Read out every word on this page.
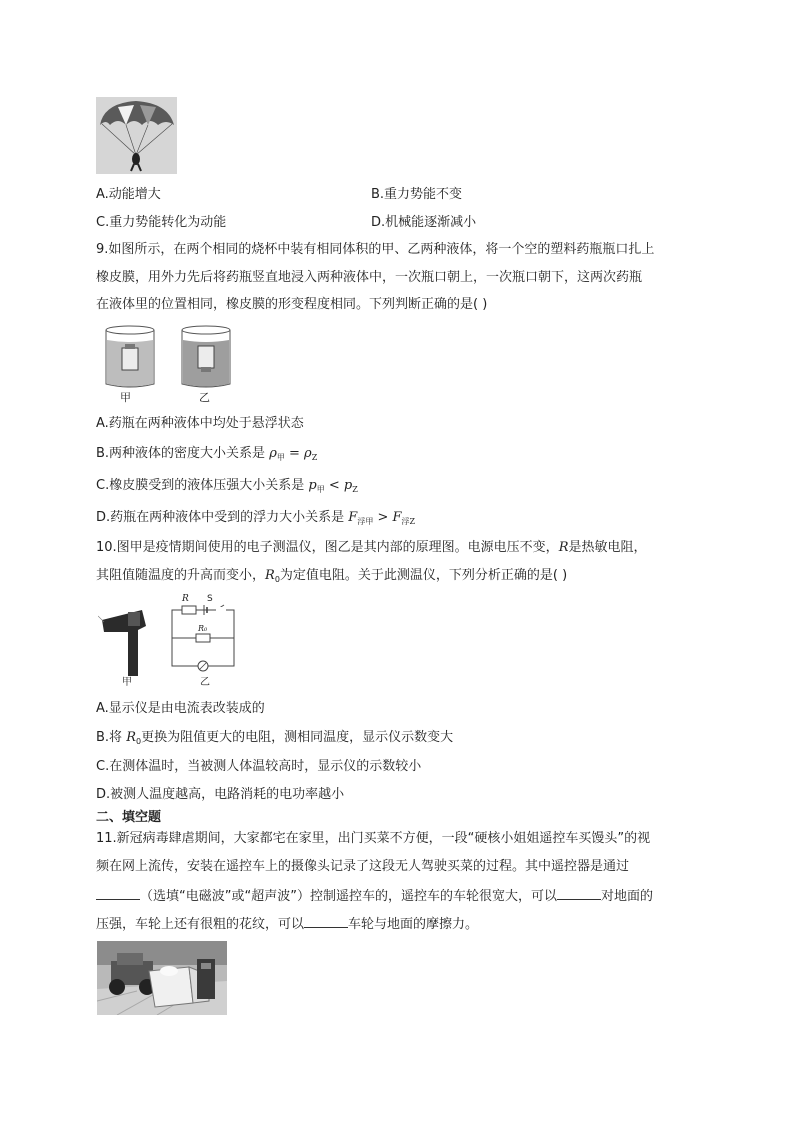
A.动能增大	B.重力势能不变
C.重力势能转化为动能	D.机械能逐渐减小
9.如图所示，在两个相同的烧杯中装有相同体积的甲、乙两种液体，将一个空的塑料药瓶瓶口扎上
橡皮膜，用外力先后将药瓶竖直地浸入两种液体中，一次瓶口朝上，一次瓶口朝下，这两次药瓶
在液体里的位置相同，橡皮膜的形变程度相同。下列判断正确的是( )
甲	乙
A.药瓶在两种液体中均处于悬浮状态
B.两种液体的密度大小关系是 $\rho_甲 = \rho_Z$
C.橡皮膜受到的液体压强大小关系是 $p_甲 < p_Z$
D.药瓶在两种液体中受到的浮力大小关系是 $F_{浮甲} > F_{浮Z}$
10.图甲是疫情期间使用的电子测温仪，图乙是其内部的原理图。电源电压不变，R是热敏电阻，
其阻值随温度的升高而变小，$R_0$为定值电阻。关于此测温仪，下列分析正确的是( )
R S
R₀
甲	乙
A.显示仪是由电流表改装成的
B.将 $R_0$更换为阻值更大的电阻，测相同温度，显示仪示数变大
C.在测体温时，当被测人体温较高时，显示仪的示数较小
D.被测人温度越高，电路消耗的电功率越小
二、填空题
11.新冠病毒肆虐期间，大家都宅在家里，出门买菜不方便，一段“硬核小姐姐遥控车买馒头”的视
频在网上流传，安装在遥控车上的摄像头记录了这段无人驾驶买菜的过程。其中遥控器是通过
（选填“电磁波”或“超声波”）控制遥控车的，遥控车的车轮很宽大，可以	对地面的
压强，车轮上还有很粗的花纹，可以	车轮与地面的摩擦力。
